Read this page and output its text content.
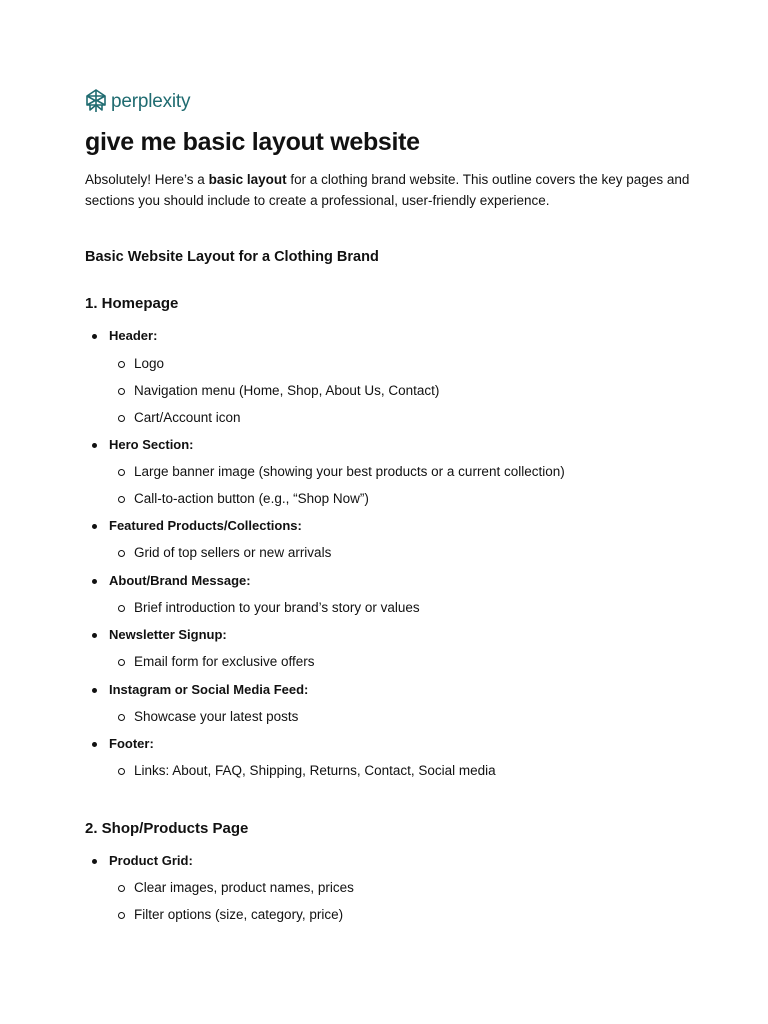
perplexity
give me basic layout website

Absolutely! Here’s a basic layout for a clothing brand website. This outline covers the key pages and sections you should include to create a professional, user-friendly experience.

Basic Website Layout for a Clothing Brand
1. Homepage
Header:
Logo
Navigation menu (Home, Shop, About Us, Contact)
Cart/Account icon
Hero Section:
Large banner image (showing your best products or a current collection)
Call-to-action button (e.g., “Shop Now”)
Featured Products/Collections:
Grid of top sellers or new arrivals
About/Brand Message:
Brief introduction to your brand’s story or values
Newsletter Signup:
Email form for exclusive offers
Instagram or Social Media Feed:
Showcase your latest posts
Footer:
Links: About, FAQ, Shipping, Returns, Contact, Social media
2. Shop/Products Page
Product Grid:
Clear images, product names, prices
Filter options (size, category, price)
